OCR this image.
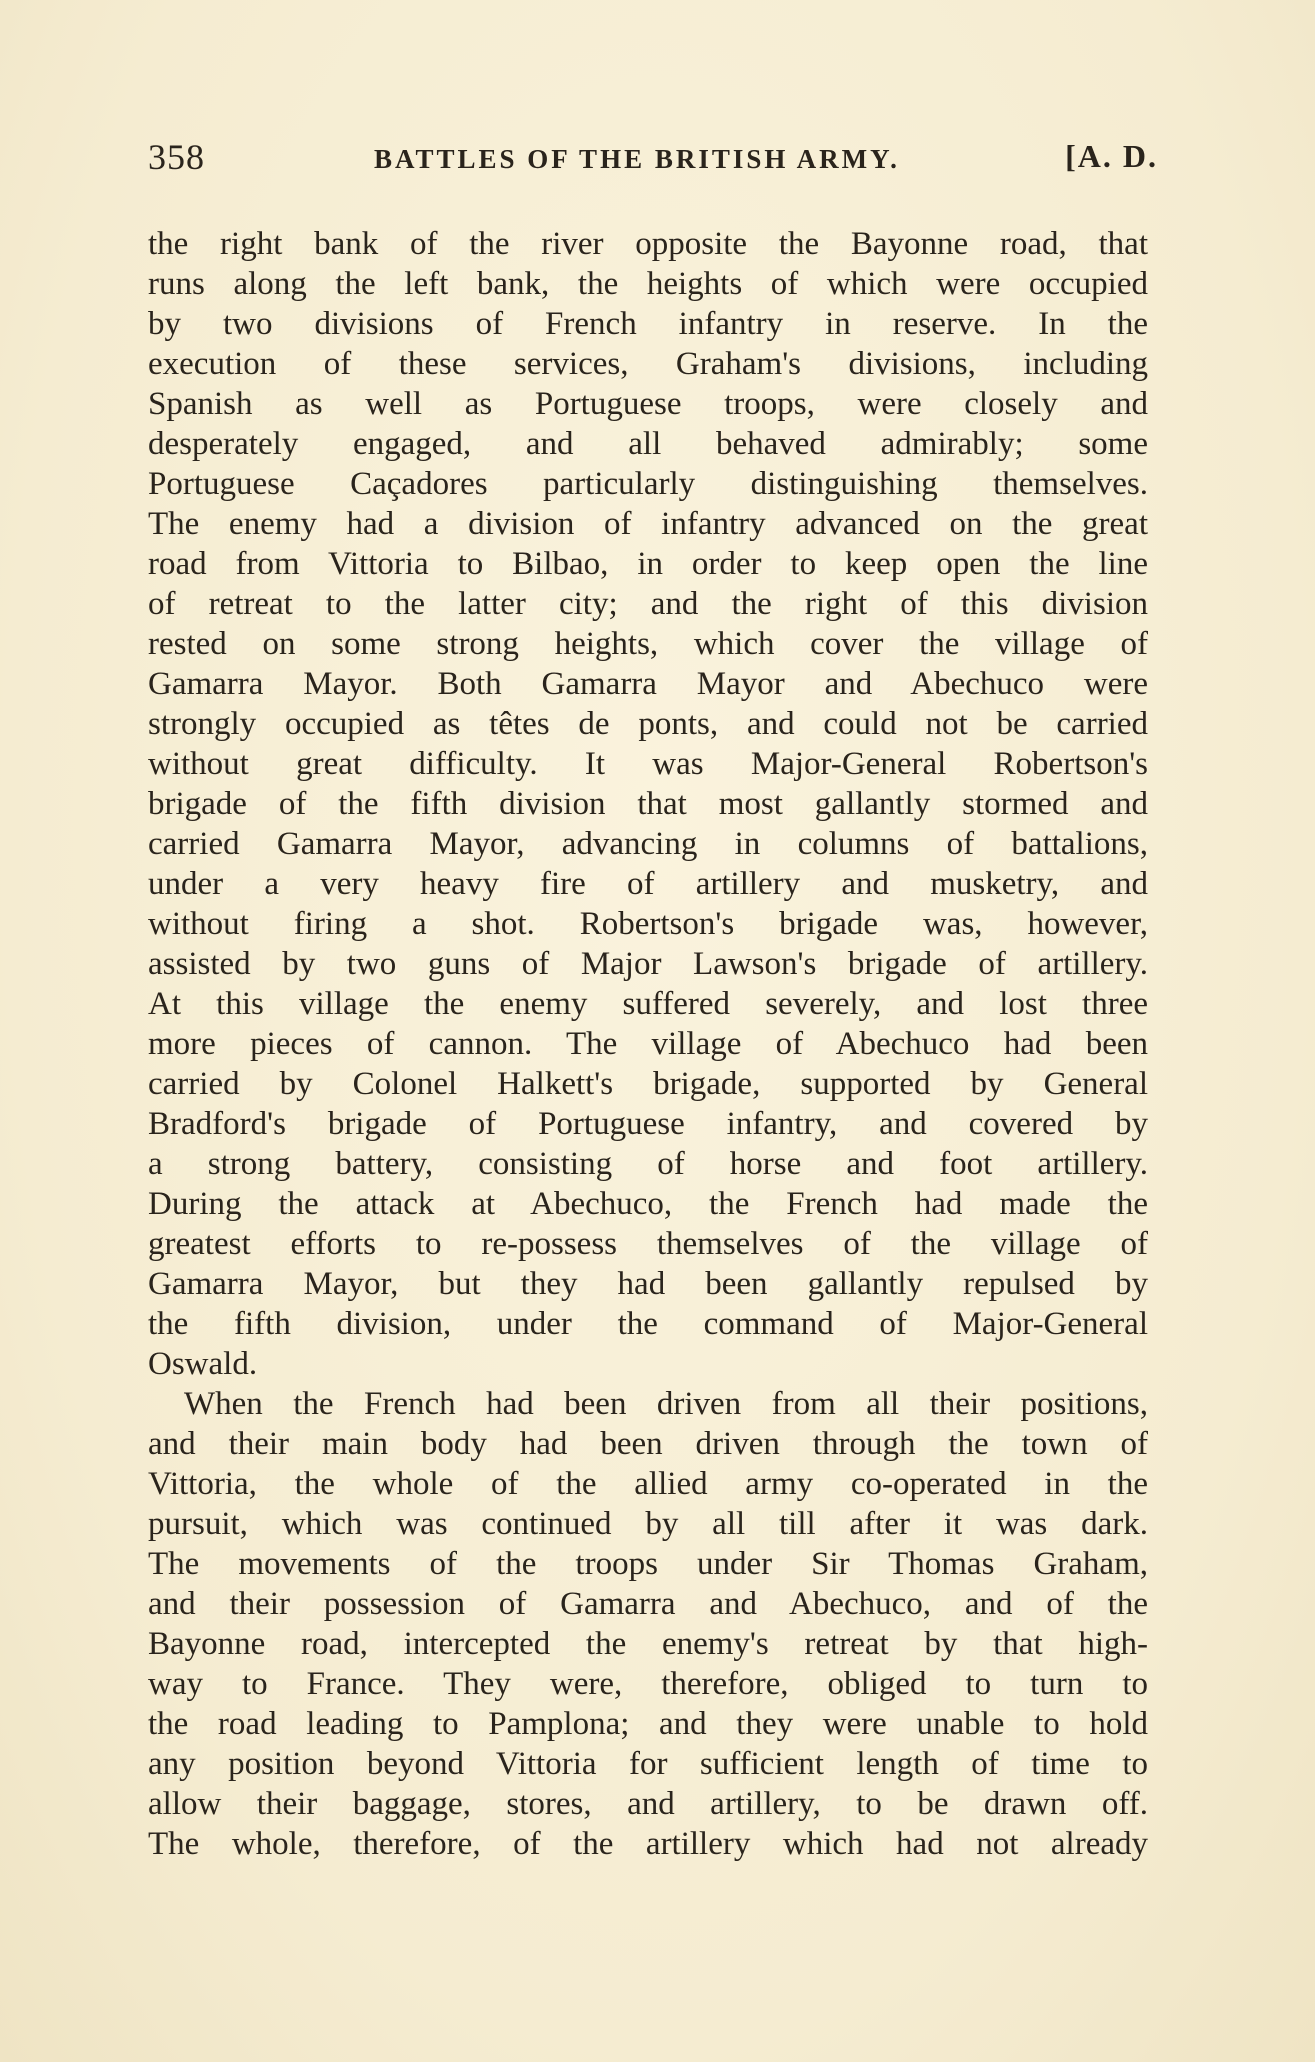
358	BATTLES OF THE BRITISH ARMY.	[A. D.
the right bank of the river opposite the Bayonne road, that
runs along the left bank, the heights of which were occupied
by two divisions of French infantry in reserve. In the
execution of these services, Graham's divisions, including
Spanish as well as Portuguese troops, were closely and
desperately engaged, and all behaved admirably; some
Portuguese Caçadores particularly distinguishing themselves.
The enemy had a division of infantry advanced on the great
road from Vittoria to Bilbao, in order to keep open the line
of retreat to the latter city; and the right of this division
rested on some strong heights, which cover the village of
Gamarra Mayor. Both Gamarra Mayor and Abechuco were
strongly occupied as têtes de ponts, and could not be carried
without great difficulty. It was Major-General Robertson's
brigade of the fifth division that most gallantly stormed and
carried Gamarra Mayor, advancing in columns of battalions,
under a very heavy fire of artillery and musketry, and
without firing a shot. Robertson's brigade was, however,
assisted by two guns of Major Lawson's brigade of artillery.
At this village the enemy suffered severely, and lost three
more pieces of cannon. The village of Abechuco had been
carried by Colonel Halkett's brigade, supported by General
Bradford's brigade of Portuguese infantry, and covered by
a strong battery, consisting of horse and foot artillery.
During the attack at Abechuco, the French had made the
greatest efforts to re-possess themselves of the village of
Gamarra Mayor, but they had been gallantly repulsed by
the fifth division, under the command of Major-General
Oswald.
When the French had been driven from all their positions,
and their main body had been driven through the town of
Vittoria, the whole of the allied army co-operated in the
pursuit, which was continued by all till after it was dark.
The movements of the troops under Sir Thomas Graham,
and their possession of Gamarra and Abechuco, and of the
Bayonne road, intercepted the enemy's retreat by that high-
way to France. They were, therefore, obliged to turn to
the road leading to Pamplona; and they were unable to hold
any position beyond Vittoria for sufficient length of time to
allow their baggage, stores, and artillery, to be drawn off.
The whole, therefore, of the artillery which had not already
